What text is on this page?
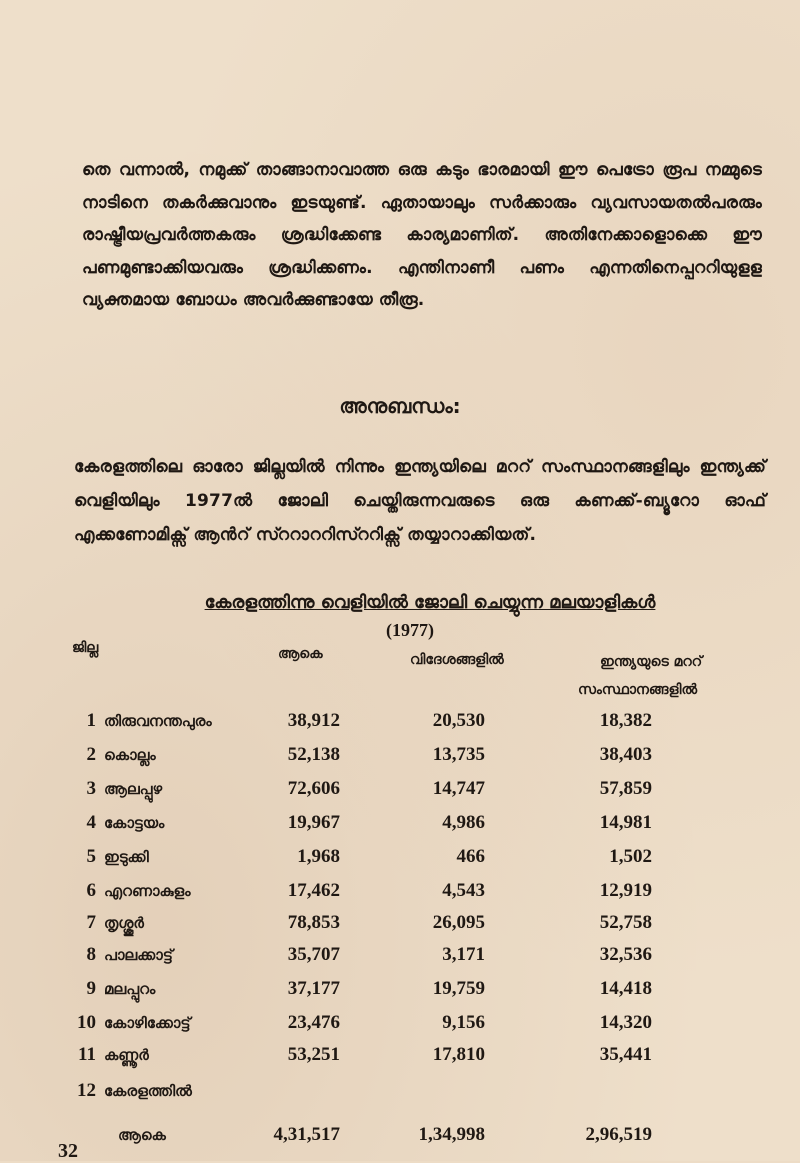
തെ വന്നാൽ, നമുക്ക് താങ്ങാനാവാത്ത ഒരു കടും ഭാരമായി ഈ പെട്രോ രൂപ നമ്മുടെ നാടിനെ തകർക്കുവാനും ഇടയുണ്ട്. ഏതായാലും സർക്കാരും വ്യവസായതൽപരരും രാഷ്ട്രീയപ്രവർത്തകരും ശ്രദ്ധിക്കേണ്ട കാര്യമാണിത്. അതിനേക്കാളൊക്കെ ഈ പണമുണ്ടാക്കിയവരും ശ്രദ്ധിക്കണം. എന്തിനാണീ പണം എന്നതിനെപ്പററിയുളള വ്യക്തമായ ബോധം അവർക്കുണ്ടായേ തീരൂ.

അനുബന്ധം:

കേരളത്തിലെ ഓരോ ജില്ലയിൽ നിന്നും ഇന്ത്യയിലെ മററ് സംസ്ഥാനങ്ങളിലും ഇന്ത്യക്ക് വെളിയിലും 1977ൽ ജോലി ചെയ്തിരുന്നവരുടെ ഒരു കണക്ക്-ബ്യൂറോ ഓഫ് എക്കണോമിക്സ് ആൻറ് സ്ററാററിസ്ററിക്സ് തയ്യാറാക്കിയത്.

കേരളത്തിന്നു വെളിയിൽ ജോലി ചെയ്യുന്ന മലയാളികൾ
(1977)
ജില്ല	ആകെ	വിദേശങ്ങളിൽ	ഇന്ത്യയുടെ മററ്
സംസ്ഥാനങ്ങളിൽ
1 തിരുവനന്തപുരം	38,912	20,530	18,382
2 കൊല്ലം	52,138	13,735	38,403
3 ആലപ്പുഴ	72,606	14,747	57,859
4 കോട്ടയം	19,967	4,986	14,981
5 ഇടുക്കി	1,968	466	1,502
6 എറണാകുളം	17,462	4,543	12,919
7 തൃശ്ശൂർ	78,853	26,095	52,758
8 പാലക്കാട്ട്	35,707	3,171	32,536
9 മലപ്പുറം	37,177	19,759	14,418
10 കോഴിക്കോട്ട്	23,476	9,156	14,320
11 കണ്ണൂർ	53,251	17,810	35,441
12 കേരളത്തിൽ
ആകെ	4,31,517	1,34,998	2,96,519
32
